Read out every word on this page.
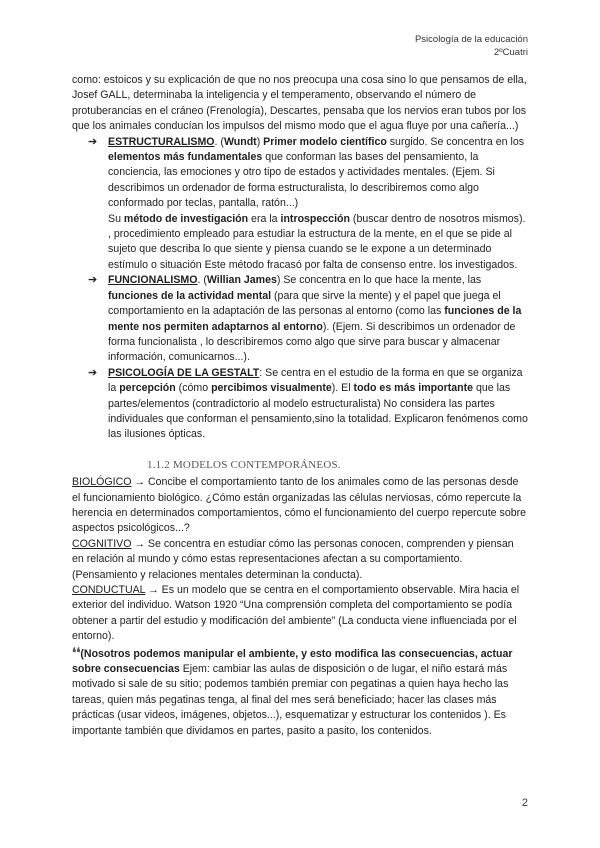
Psicología de la educación
2ºCuatri

como: estoicos y su explicación de que no nos preocupa una cosa sino lo que pensamos de ella, Josef GALL, determinaba la inteligencia y el temperamento, observando el número de protuberancias en el cráneo (Frenología), Descartes, pensaba que los nervios eran tubos por los que los animales conducían los impulsos del mismo modo que el agua fluye por una cañería...)

➔ ESTRUCTURALISMO. (Wundt) Primer modelo científico surgido. Se concentra en los elementos más fundamentales que conforman las bases del pensamiento, la conciencia, las emociones y otro tipo de estados y actividades mentales. (Ejem. Si describimos un ordenador de forma estructuralista, lo describiremos como algo conformado por teclas, pantalla, ratón...)

Su método de investigación era la introspección (buscar dentro de nosotros mismos). , procedimiento empleado para estudiar la estructura de la mente, en el que se pide al sujeto que describa lo que siente y piensa cuando se le expone a un determinado estímulo o situación Este método fracasó por falta de consenso entre. los investigados.

➔ FUNCIONALISMO. (Willian James) Se concentra en lo que hace la mente, las funciones de la actividad mental (para que sirve la mente) y el papel que juega el comportamiento en la adaptación de las personas al entorno (como las funciones de la mente nos permiten adaptarnos al entorno). (Ejem. Si describimos un ordenador de forma funcionalista , lo describiremos como algo que sirve para buscar y almacenar información, comunicarnos...).
➔ PSICOLOGÍA DE LA GESTALT: Se centra en el estudio de la forma en que se organiza la percepción (cómo percibimos visualmente). El todo es más importante que las partes/elementos (contradictorio al modelo estructuralista) No considera las partes individuales que conforman el pensamiento,sino la totalidad. Explicaron fenómenos como las ilusiones ópticas.

1.1.2 MODELOS CONTEMPORÁNEOS.

BIOLÓGICO → Concibe el comportamiento tanto de los animales como de las personas desde el funcionamiento biológico. ¿Cómo están organizadas las células nerviosas, cómo repercute la herencia en determinados comportamientos, cómo el funcionamiento del cuerpo repercute sobre aspectos psicológicos...?

COGNITIVO → Se concentra en estudiar cómo las personas conocen, comprenden y piensan en relación al mundo y cómo estas representaciones afectan a su comportamiento. (Pensamiento y relaciones mentales determinan la conducta).

CONDUCTUAL → Es un modelo que se centra en el comportamiento observable. Mira hacia el exterior del individuo. Watson 1920 “Una comprensión completa del comportamiento se podía obtener a partir del estudio y modificación del ambiente” (La conducta viene influenciada por el entorno).

❛❛(Nosotros podemos manipular el ambiente, y esto modifica las consecuencias, actuar sobre consecuencias Ejem: cambiar las aulas de disposición o de lugar, el niño estará más motivado si sale de su sitio; podemos también premiar con pegatinas a quien haya hecho las tareas, quien más pegatinas tenga, al final del mes será beneficiado; hacer las clases más prácticas (usar videos, imágenes, objetos...), esquematizar y estructurar los contenidos ). Es importante también que dividamos en partes, pasito a pasito, los contenidos.

2
